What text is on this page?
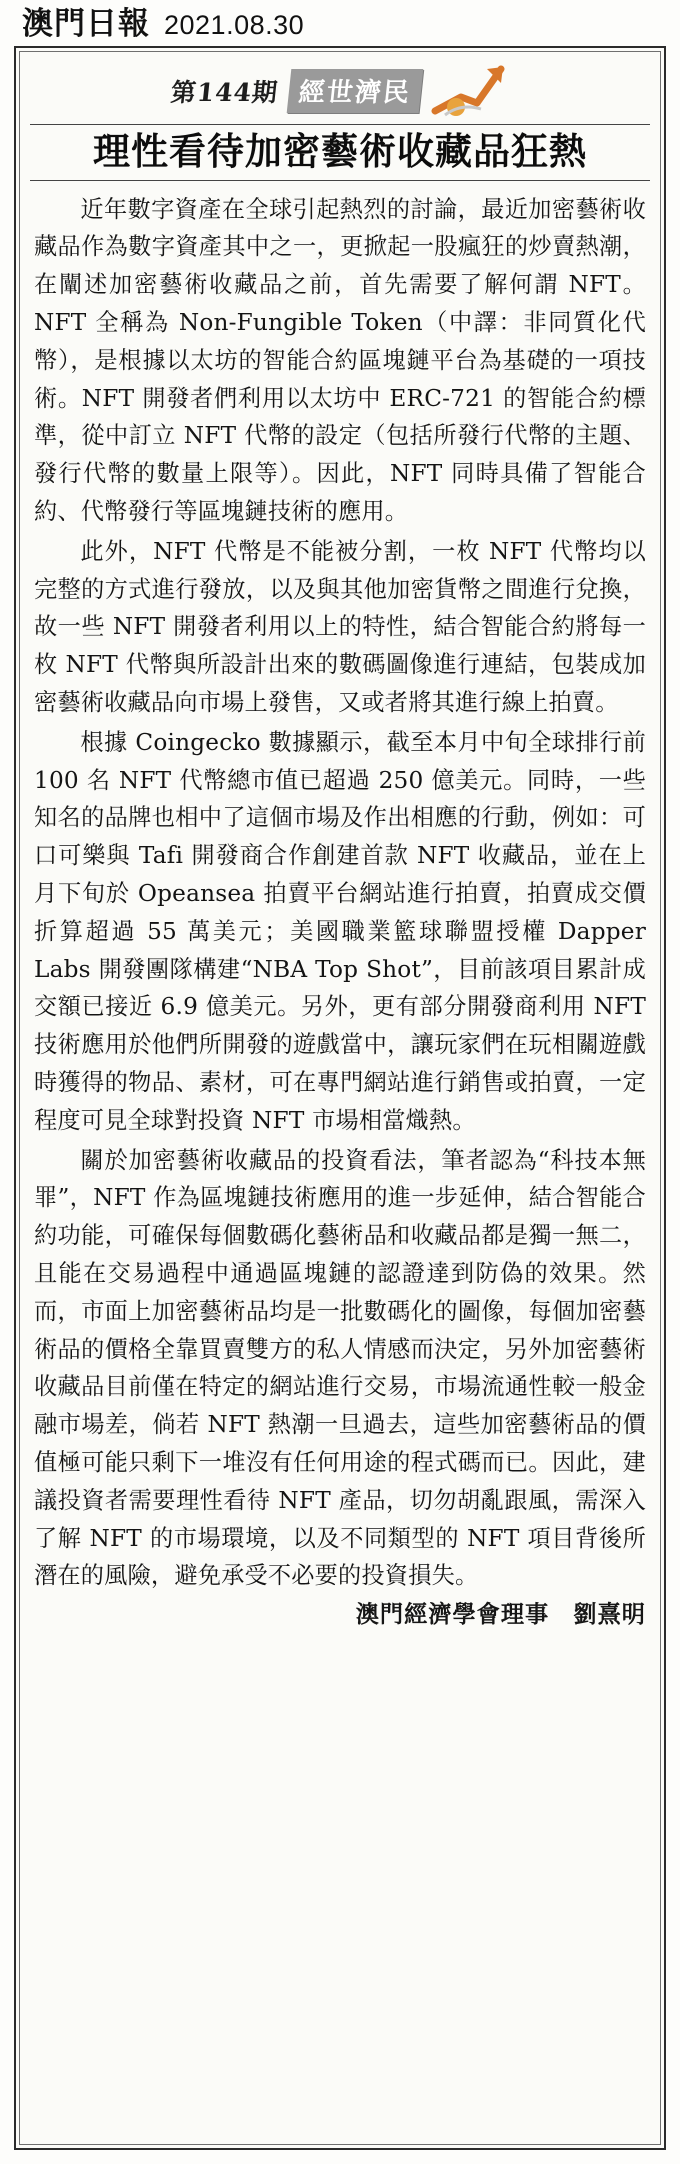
澳門日報 2021.08.30
第144期 經世濟民
理性看待加密藝術收藏品狂熱

近年數字資產在全球引起熱烈的討論，最近加密藝術收藏品作為數字資產其中之一，更掀起一股瘋狂的炒賣熱潮，在闡述加密藝術收藏品之前，首先需要了解何謂 NFT。NFT 全稱為 Non-Fungible Token（中譯：非同質化代幣），是根據以太坊的智能合約區塊鏈平台為基礎的一項技術。NFT 開發者們利用以太坊中 ERC-721 的智能合約標準，從中訂立 NFT 代幣的設定（包括所發行代幣的主題、發行代幣的數量上限等）。因此，NFT 同時具備了智能合約、代幣發行等區塊鏈技術的應用。

此外，NFT 代幣是不能被分割，一枚 NFT 代幣均以完整的方式進行發放，以及與其他加密貨幣之間進行兌換，故一些 NFT 開發者利用以上的特性，結合智能合約將每一枚 NFT 代幣與所設計出來的數碼圖像進行連結，包裝成加密藝術收藏品向市場上發售，又或者將其進行線上拍賣。

根據 Coingecko 數據顯示，截至本月中旬全球排行前 100 名 NFT 代幣總市值已超過 250 億美元。同時，一些知名的品牌也相中了這個市場及作出相應的行動，例如：可口可樂與 Tafi 開發商合作創建首款 NFT 收藏品，並在上月下旬於 Opeansea 拍賣平台網站進行拍賣，拍賣成交價折算超過 55 萬美元；美國職業籃球聯盟授權 Dapper Labs 開發團隊構建“NBA Top Shot”，目前該項目累計成交額已接近 6.9 億美元。另外，更有部分開發商利用 NFT 技術應用於他們所開發的遊戲當中，讓玩家們在玩相關遊戲時獲得的物品、素材，可在專門網站進行銷售或拍賣，一定程度可見全球對投資 NFT 市場相當熾熱。

關於加密藝術收藏品的投資看法，筆者認為“科技本無罪”，NFT 作為區塊鏈技術應用的進一步延伸，結合智能合約功能，可確保每個數碼化藝術品和收藏品都是獨一無二，且能在交易過程中通過區塊鏈的認證達到防偽的效果。然而，市面上加密藝術品均是一批數碼化的圖像，每個加密藝術品的價格全靠買賣雙方的私人情感而決定，另外加密藝術收藏品目前僅在特定的網站進行交易，市場流通性較一般金融市場差，倘若 NFT 熱潮一旦過去，這些加密藝術品的價值極可能只剩下一堆沒有任何用途的程式碼而已。因此，建議投資者需要理性看待 NFT 產品，切勿胡亂跟風，需深入了解 NFT 的市場環境，以及不同類型的 NFT 項目背後所潛在的風險，避免承受不必要的投資損失。

澳門經濟學會理事　劉熹明
